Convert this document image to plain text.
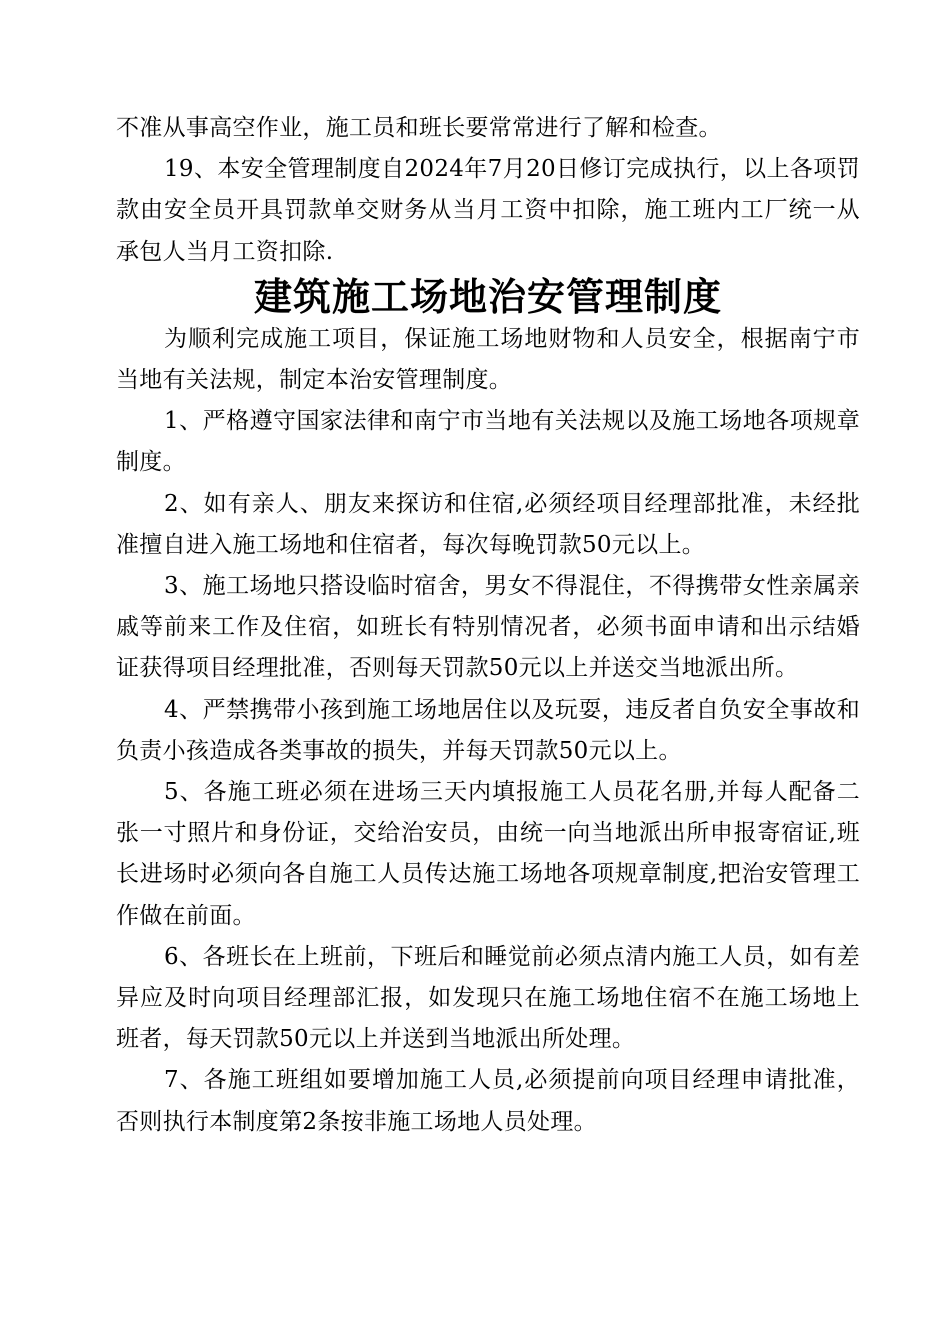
不准从事高空作业，施工员和班长要常常进行了解和检查。

19、本安全管理制度自2024年7月20日修订完成执行，以上各项罚款由安全员开具罚款单交财务从当月工资中扣除，施工班内工厂统一从承包人当月工资扣除.

建筑施工场地治安管理制度

为顺利完成施工项目，保证施工场地财物和人员安全，根据南宁市当地有关法规，制定本治安管理制度。

1、严格遵守国家法律和南宁市当地有关法规以及施工场地各项规章制度。

2、如有亲人、朋友来探访和住宿,必须经项目经理部批准，未经批准擅自进入施工场地和住宿者，每次每晚罚款50元以上。

3、施工场地只搭设临时宿舍，男女不得混住，不得携带女性亲属亲戚等前来工作及住宿，如班长有特别情况者，必须书面申请和出示结婚证获得项目经理批准，否则每天罚款50元以上并送交当地派出所。

4、严禁携带小孩到施工场地居住以及玩耍，违反者自负安全事故和负责小孩造成各类事故的损失，并每天罚款50元以上。

5、各施工班必须在进场三天内填报施工人员花名册,并每人配备二张一寸照片和身份证，交给治安员，由统一向当地派出所申报寄宿证,班长进场时必须向各自施工人员传达施工场地各项规章制度,把治安管理工作做在前面。

6、各班长在上班前，下班后和睡觉前必须点清内施工人员，如有差异应及时向项目经理部汇报，如发现只在施工场地住宿不在施工场地上班者，每天罚款50元以上并送到当地派出所处理。

7、各施工班组如要增加施工人员,必须提前向项目经理申请批准，否则执行本制度第2条按非施工场地人员处理。
